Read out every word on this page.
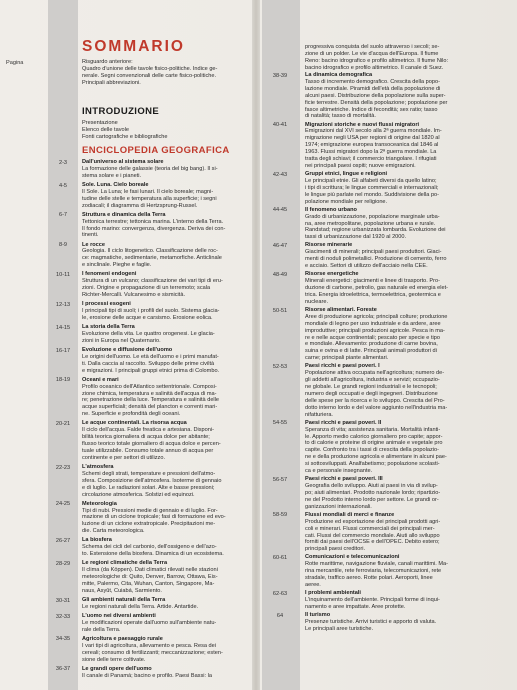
SOMMARIO
Pagina	Risguardo anteriore:
Quadro d'unione delle tavole fisico-politiche. Indice ge-
nerale. Segni convenzionali delle carte fisico-politiche.
Principali abbreviazioni.
INTRODUZIONE
Presentazione
Elenco delle tavole
Fonti cartografiche e bibliografiche
ENCICLOPEDIA GEOGRAFICA
2-3	Dall'universo al sistema solare
La formazione delle galassie (teoria del big bang). Il si-
stema solare e i pianeti.
4-5	Sole. Luna. Cielo boreale
Il Sole. La Luna; le fasi lunari. Il cielo boreale; magni-
tudine delle stelle e temperatura alla superficie; i segni
zodiacali; il diagramma di Hertzsprung-Russel.
6-7	Struttura e dinamica della Terra
Tettonica terrestre; tettonica marina. L'interno della Terra.
Il fondo marino: convergenza, divergenza. Deriva dei con-
tinenti.
8-9	Le rocce
Geologia. Il ciclo litogenetico. Classificazione delle roc-
ce: magmatiche, sedimentarie, metamorfiche. Anticlinale
e sinclinale. Pieghe e faglie.
10-11	I fenomeni endogeni
Struttura di un vulcano; classificazione dei vari tipi di eru-
zioni. Origine e propagazione di un terremoto; scala
Richter-Mercalli. Vulcanesimo e sismicità.
12-13	I processi esogeni
I principali tipi di suoli; i profili del suolo. Sistema glacia-
le, erosione delle acque e carsismo. Erosione eolica.
14-15	La storia della Terra
Evoluzione della vita. Le quattro orogenesi. Le glacia-
zioni in Europa nel Quaternario.
16-17	Evoluzione e diffusione dell'uomo
Le origini dell'uomo. Le età dell'uomo e i primi manufat-
ti. Dalla caccia al raccolto. Sviluppo delle prime civiltà
e migrazioni. I principali gruppi etnici prima di Colombo.
18-19	Oceani e mari
Profilo oceanico dell'Atlantico settentrionale. Composi-
zione chimica, temperatura e salinità dell'acqua di ma-
re; penetrazione della luce. Temperatura e salinità delle
acque superficiali; densità del plancton e correnti mari-
ne. Superficie e profondità degli oceani.
20-21	Le acque continentali. La risorsa acqua
Il ciclo dell'acqua. Falde freatica e artesiana. Disponi-
bilità teorica giornaliera di acqua dolce per abitante;
flusso teorico totale giornaliero di acqua dolce e percen-
tuale utilizzabile. Consumo totale annuo di acqua per
continente e per settori di utilizzo.
22-23	L'atmosfera
Schemi degli strati, temperature e pressioni dell'atmo-
sfera. Composizione dell'atmosfera. Isoterme di gennaio
e di luglio. Le radiazioni solari. Alte e basse pressioni;
circolazione atmosferica. Solstizi ed equinozi.
24-25	Meteorologia
Tipi di nubi. Pressioni medie di gennaio e di luglio. For-
mazione di un ciclone tropicale; fasi di formazione ed evo-
luzione di un ciclone extratropicale. Precipitazioni me-
die. Carta meteorologica.
26-27	La biosfera
Schema dei cicli del carbonio, dell'ossigeno e dell'azo-
to. Estensione della biosfera. Dinamica di un ecosistema.
28-29	Le regioni climatiche della Terra
Il clima (da Köppen). Dati climatici rilevati nelle stazioni
meteorologiche di: Quito, Denver, Barrow, Ottawa, Eis-
mitte, Palermo, Cita, Wuhan, Canton, Singapore, Ma-
naus, Asyût, Cuiabá, Sarmiento.
30-31	Gli ambienti naturali della Terra
Le regioni naturali della Terra. Artide. Antartide.
32-33	L'uomo nei diversi ambienti
Le modificazioni operate dall'uomo sull'ambiente natu-
rale della Terra.
34-35	Agricoltura e paesaggio rurale
I vari tipi di agricoltura, allevamento e pesca. Resa dei
cereali; consumo di fertilizzanti; meccanizzazione; esten-
sione delle terre coltivate.
36-37	Le grandi opere dell'uomo
Il canale di Panamá; bacino e profilo. Paesi Bassi: la
progressiva conquista del suolo attraverso i secoli; se-
zione di un polder. Le vie d'acqua dell'Europa. Il fiume
Reno: bacino idrografico e profilo altimetrico. Il fiume Nilo:
bacino idrografico e profilo altimetrico. Il canale di Suez.
38-39	La dinamica demografica
Tasso di incremento demografico. Crescita della popo-
lazione mondiale. Piramidi dell'età della popolazione di
alcuni paesi. Distribuzione della popolazione sulla super-
ficie terrestre. Densità della popolazione; popolazione per
fasce altimetriche. Indice di fecondità; sex ratio; tasso
di natalità; tasso di mortalità.
40-41	Migrazioni storiche e nuovi flussi migratori
Emigrazioni dal XVI secolo alla 2ª guerra mondiale. Im-
migrazione negli USA per regioni di origine dal 1820 al
1974; emigrazione europea transoceanica dal 1846 al
1963. Flussi migratori dopo la 2ª guerra mondiale. La
tratta degli schiavi; il commercio triangolare. I rifugiati
nei principali paesi ospiti; nuove emigrazioni.
42-43	Gruppi etnici, lingue e religioni
Le principali etnie. Gli alfabeti diversi da quello latino;
i tipi di scrittura; le lingue commerciali e internazionali;
le lingue più parlate nel mondo. Suddivisione della po-
polazione mondiale per religione.
44-45	Il fenomeno urbano
Grado di urbanizzazione, popolazione marginale urba-
na, aree metropolitane, popolazione urbana e rurale.
Randstad; regione urbanizzata lombarda. Evoluzione dei
tassi di urbanizzazione dal 1920 al 2000.
46-47	Risorse minerarie
Giacimenti di minerali; principali paesi produttori. Giaci-
menti di noduli polimetallici. Produzione di cemento, ferro
e acciaio. Settori di utilizzo dell'acciaio nella CEE.
48-49	Risorse energetiche
Minerali energetici: giacimenti e linee di trasporto. Pro-
duzione di carbone, petrolio, gas naturale ed energia elet-
trica. Energia idroelettrica, termoelettrica, geotermica e
nucleare.
50-51	Risorse alimentari. Foreste
Aree di produzione agricola; principali colture; produzione
mondiale di legno per uso industriale e da ardere, aree
improduttive; principali produzioni agricole. Pesca in ma-
re e nelle acque continentali; pescato per specie e tipo
e mondiale. Allevamento: produzione di carne bovina,
suina e ovina e di latte. Principali animali produttori di
carne; principali piante alimentari.
52-53	Paesi ricchi e paesi poveri. I
Popolazione attiva occupata nell'agricoltura; numero de-
gli addetti all'agricoltura, industria e servizi; occupazio-
ne globale. Le grandi regioni industriali e le tecnopoli;
numero degli occupati e degli ingegneri. Distribuzione
delle spese per la ricerca e lo sviluppo. Crescita del Pro-
dotto interno lordo e del valore aggiunto nell'industria ma-
nifatturiera.
54-55	Paesi ricchi e paesi poveri. II
Speranza di vita; assistenza sanitaria. Mortalità infanti-
le. Apporto medio calorico giornaliero pro capite; appor-
to di calorie e proteine di origine animale e vegetale pro
capite. Confronto tra i tassi di crescita della popolazio-
ne e della produzione agricola e alimentare in alcuni pae-
si sottosviluppati. Analfabetismo; popolazione scolasti-
ca e personale insegnante.
56-57	Paesi ricchi e paesi poveri. III
Geografia dello sviluppo. Aiuti ai paesi in via di svilup-
po; aiuti alimentari. Prodotto nazionale lordo; ripartizio-
ne del Prodotto interno lordo per settore. Le grandi or-
ganizzazioni internazionali.
58-59	Flussi mondiali di merci e finanze
Produzione ed esportazione dei principali prodotti agri-
coli e minerari. Flussi commerciali dei principali mer-
cati. Flussi del commercio mondiale. Aiuti allo sviluppo
forniti dai paesi dell'OCSE e dell'OPEC. Debito estero;
principali paesi creditori.
60-61	Comunicazioni e telecomunicazioni
Rotte marittime, navigazione fluviale, canali marittimi. Ma-
rina mercantile, rete ferroviaria, telecomunicazioni, rete
stradale, traffico aereo. Rotte polari. Aeroporti, linee
aeree.
62-63	I problemi ambientali
L'inquinamento dell'ambiente. Principali forme di inqui-
namento e aree impattate. Aree protette.
64	Il turismo
Presenze turistiche. Arrivi turistici e apporto di valuta.
Le principali aree turistiche.
